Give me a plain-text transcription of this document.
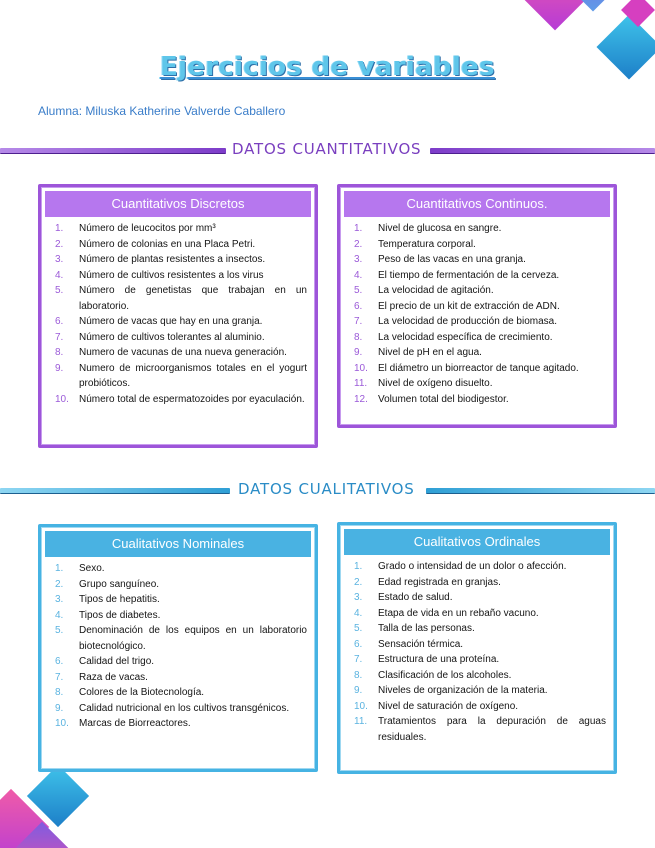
Ejercicios de variables
Alumna: Miluska Katherine Valverde Caballero
DATOS CUANTITATIVOS
Cuantitativos Discretos
1. Número de leucocitos por mm³
2. Número de colonias en una Placa Petri.
3. Número de plantas resistentes a insectos.
4. Número de cultivos resistentes a los virus
5. Número de genetistas que trabajan en un laboratorio.
6. Número de vacas que hay en una granja.
7. Número de cultivos tolerantes al aluminio.
8. Numero de vacunas de una nueva generación.
9. Numero de microorganismos totales en el yogurt probióticos.
10. Número total de espermatozoides por eyaculación.
Cuantitativos Continuos.
1. Nivel de glucosa en sangre.
2. Temperatura corporal.
3. Peso de las vacas en una granja.
4. El tiempo de fermentación de la cerveza.
5. La velocidad de agitación.
6. El precio de un kit de extracción de ADN.
7. La velocidad de producción de biomasa.
8. La velocidad específica de crecimiento.
9. Nivel de pH en el agua.
10. El diámetro un biorreactor de tanque agitado.
11. Nivel de oxígeno disuelto.
12. Volumen total del biodigestor.
DATOS CUALITATIVOS
Cualitativos Nominales
1. Sexo.
2. Grupo sanguíneo.
3. Tipos de hepatitis.
4. Tipos de diabetes.
5. Denominación de los equipos en un laboratorio biotecnológico.
6. Calidad del trigo.
7. Raza de vacas.
8. Colores de la Biotecnología.
9. Calidad nutricional en los cultivos transgénicos.
10. Marcas de Biorreactores.
Cualitativos Ordinales
1. Grado o intensidad de un dolor o afección.
2. Edad registrada en granjas.
3. Estado de salud.
4. Etapa de vida en un rebaño vacuno.
5. Talla de las personas.
6. Sensación térmica.
7. Estructura de una proteína.
8. Clasificación de los alcoholes.
9. Niveles de organización de la materia.
10. Nivel de saturación de oxígeno.
11. Tratamientos para la depuración de aguas residuales.
